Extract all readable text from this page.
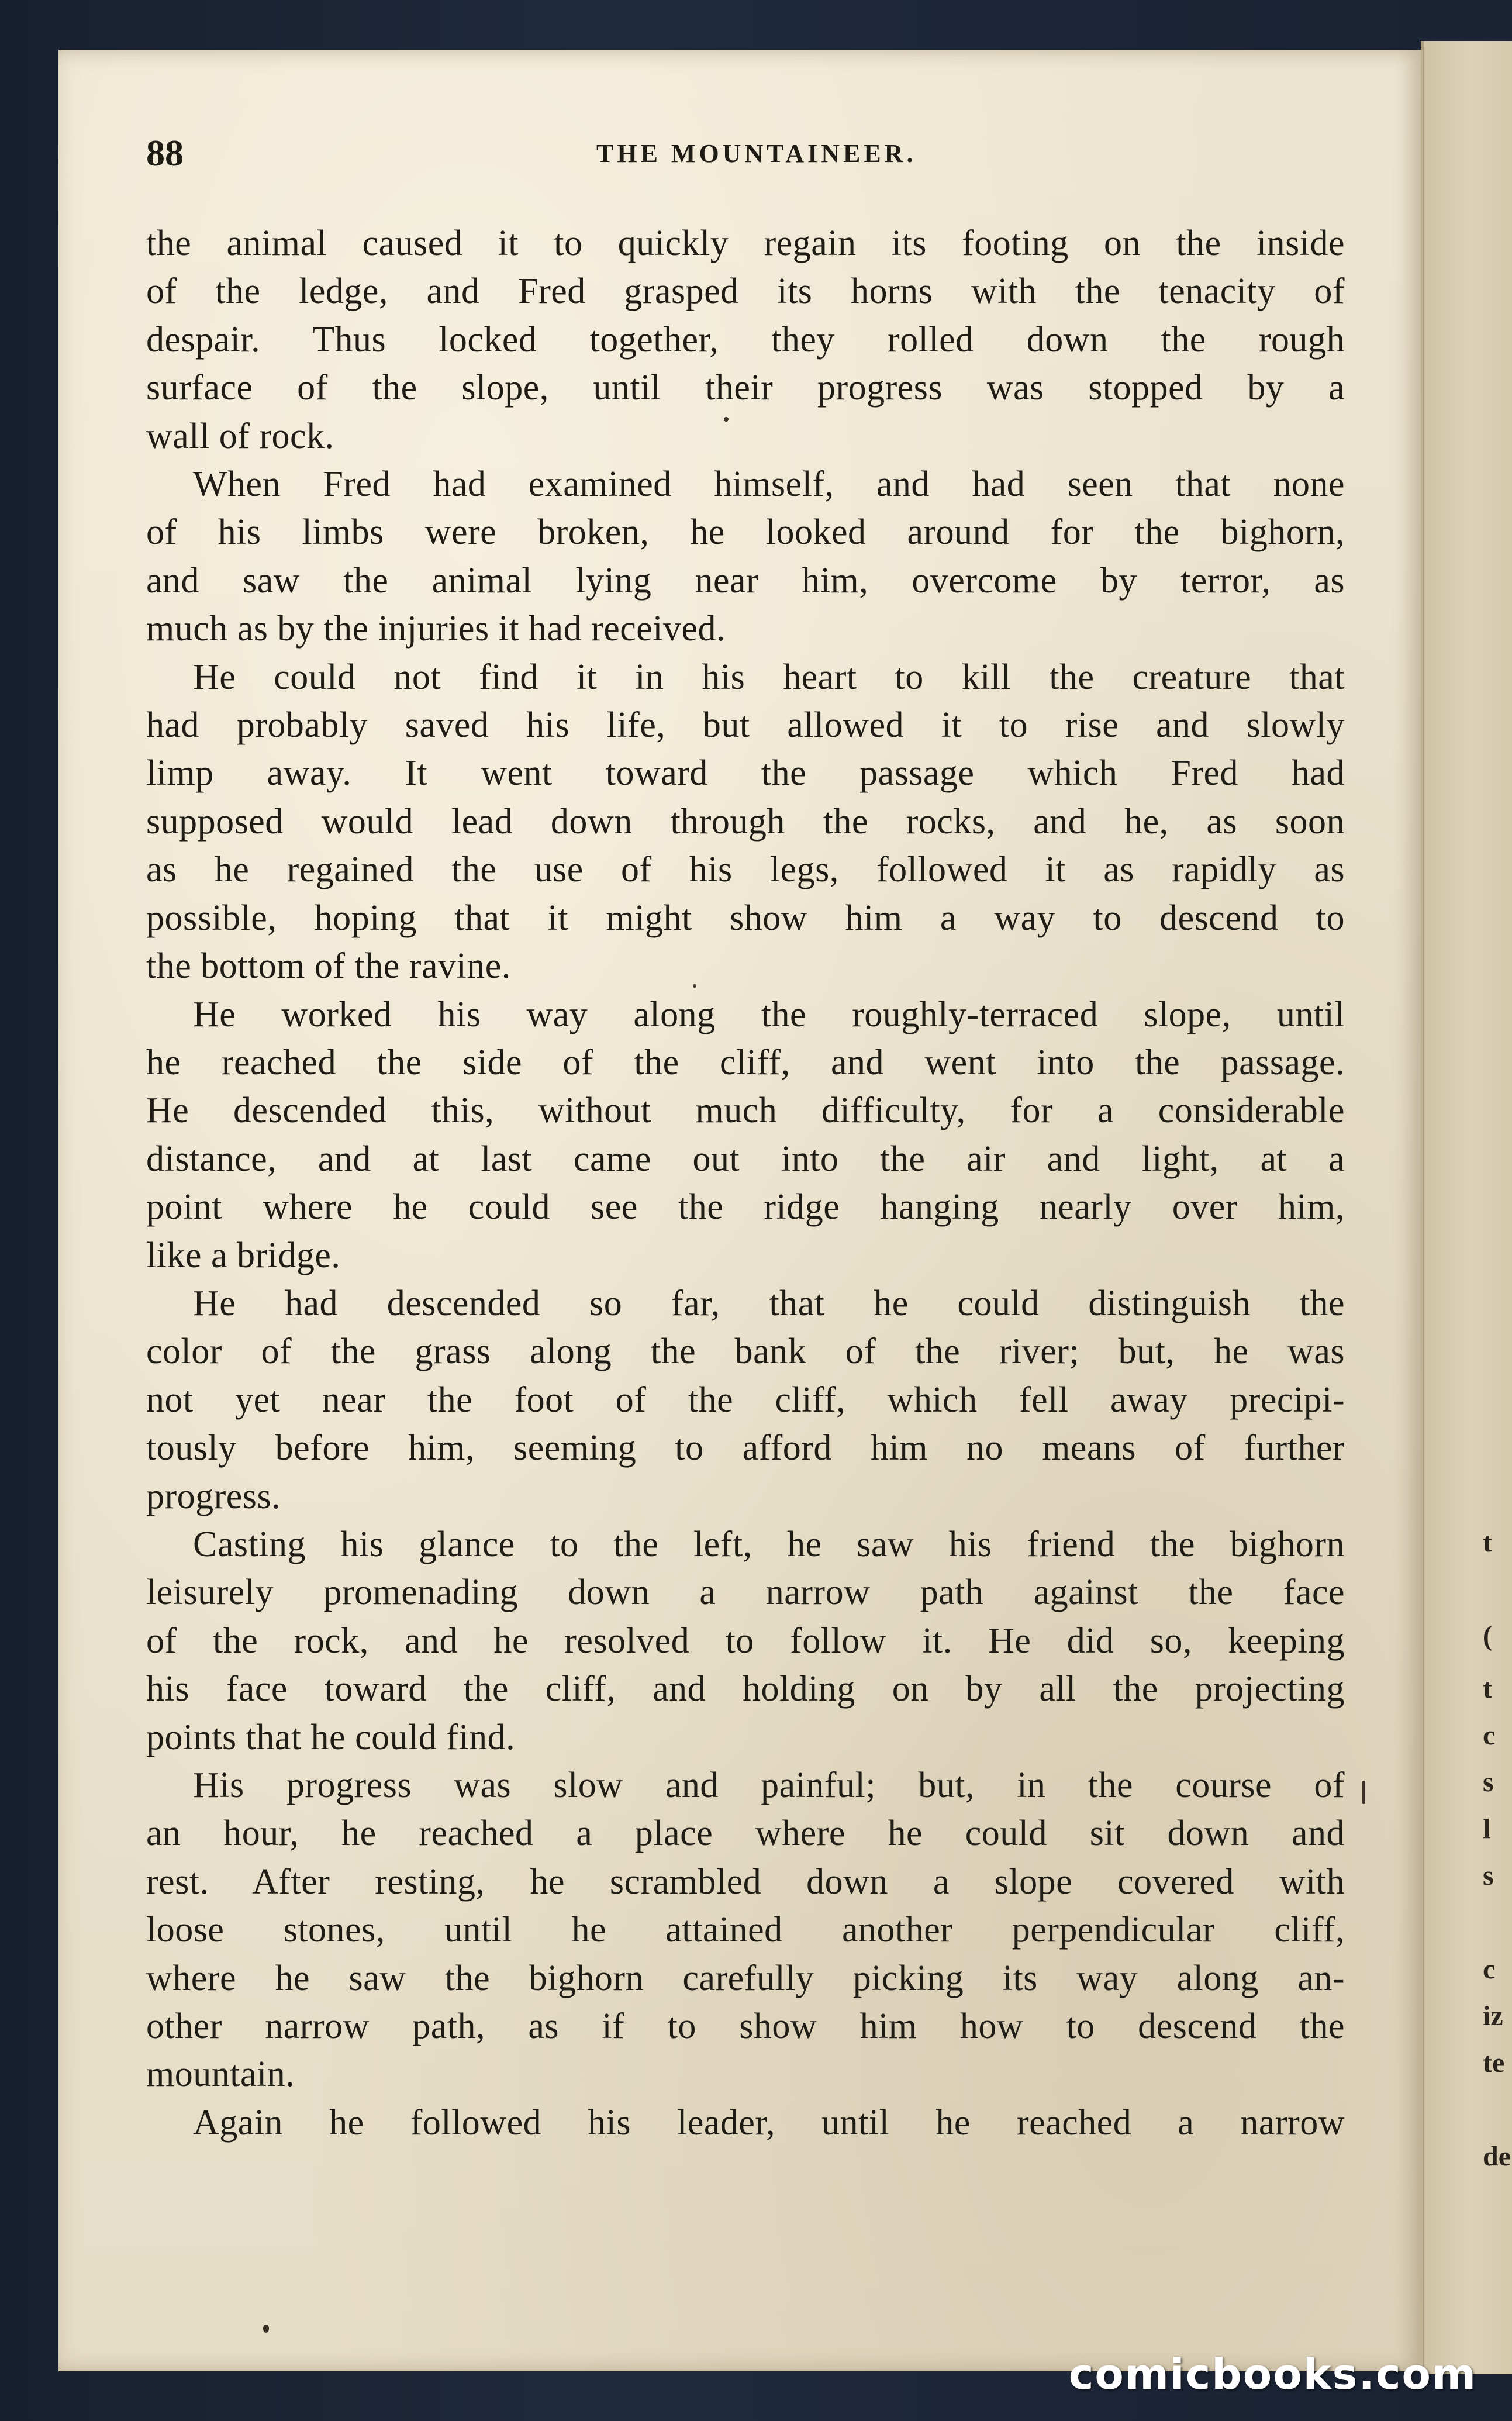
t
(
t
c
s
l
s
c
iz
te
de
88	THE MOUNTAINEER.

the animal caused it to quickly regain its footing on the inside
of the ledge, and Fred grasped its horns with the tenacity of
despair. Thus locked together, they rolled down the rough
surface of the slope, until their progress was stopped by a
wall of rock.

When Fred had examined himself, and had seen that none
of his limbs were broken, he looked around for the bighorn,
and saw the animal lying near him, overcome by terror, as
much as by the injuries it had received.

He could not find it in his heart to kill the creature that
had probably saved his life, but allowed it to rise and slowly
limp away. It went toward the passage which Fred had
supposed would lead down through the rocks, and he, as soon
as he regained the use of his legs, followed it as rapidly as
possible, hoping that it might show him a way to descend to
the bottom of the ravine.

He worked his way along the roughly-terraced slope, until
he reached the side of the cliff, and went into the passage.
He descended this, without much difficulty, for a considerable
distance, and at last came out into the air and light, at a
point where he could see the ridge hanging nearly over him,
like a bridge.

He had descended so far, that he could distinguish the
color of the grass along the bank of the river; but, he was
not yet near the foot of the cliff, which fell away precipi-
tously before him, seeming to afford him no means of further
progress.

Casting his glance to the left, he saw his friend the bighorn
leisurely promenading down a narrow path against the face
of the rock, and he resolved to follow it. He did so, keeping
his face toward the cliff, and holding on by all the projecting
points that he could find.

His progress was slow and painful; but, in the course of
an hour, he reached a place where he could sit down and
rest. After resting, he scrambled down a slope covered with
loose stones, until he attained another perpendicular cliff,
where he saw the bighorn carefully picking its way along an-
other narrow path, as if to show him how to descend the
mountain.

Again he followed his leader, until he reached a narrow

comicbooks.com
